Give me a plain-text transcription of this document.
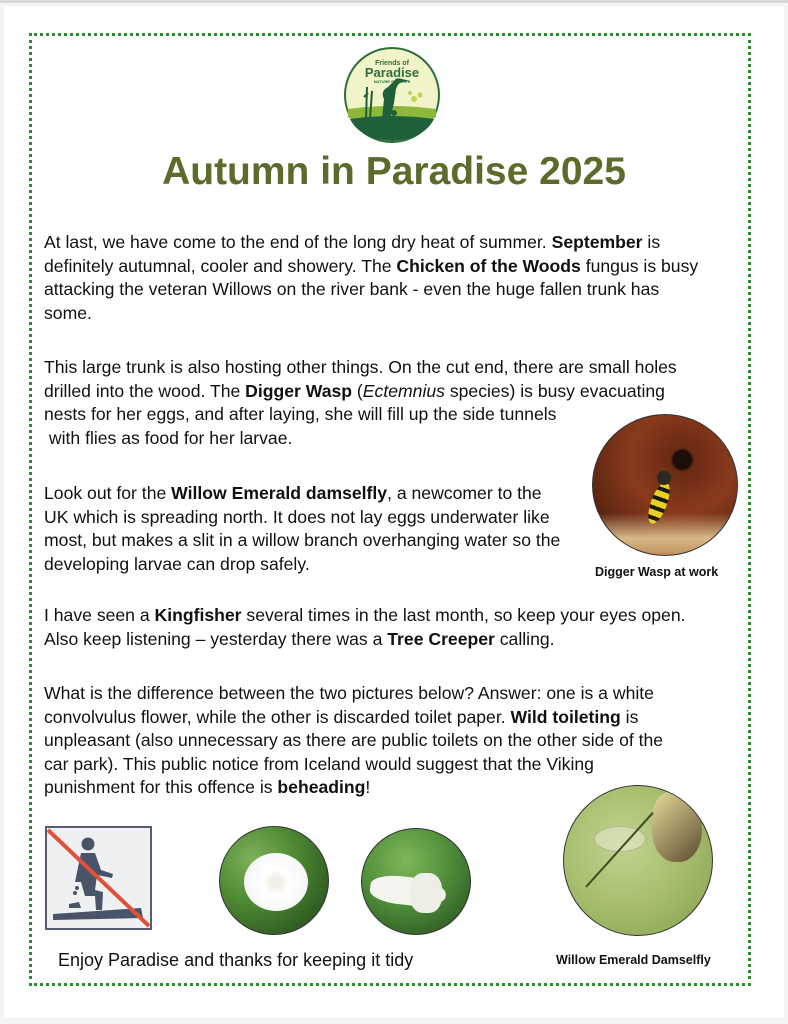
Friends of
Paradise
NATURE RESERVE
Autumn in Paradise 2025
At last, we have come to the end of the long dry heat of summer. September is
definitely autumnal, cooler and showery. The Chicken of the Woods fungus is busy
attacking the veteran Willows on the river bank - even the huge fallen trunk has
some.
This large trunk is also hosting other things. On the cut end, there are small holes
drilled into the wood. The Digger Wasp (Ectemnius species) is busy evacuating
nests for her eggs, and after laying, she will fill up the side tunnels
with flies as food for her larvae.
Digger Wasp at work
Look out for the Willow Emerald damselfly, a newcomer to the
UK which is spreading north. It does not lay eggs underwater like
most, but makes a slit in a willow branch overhanging water so the
developing larvae can drop safely.
I have seen a Kingfisher several times in the last month, so keep your eyes open.
Also keep listening – yesterday there was a Tree Creeper calling.
What is the difference between the two pictures below? Answer: one is a white
convolvulus flower, while the other is discarded toilet paper. Wild toileting is
unpleasant (also unnecessary as there are public toilets on the other side of the
car park). This public notice from Iceland would suggest that the Viking
punishment for this offence is beheading!
Willow Emerald Damselfly
Enjoy Paradise and thanks for keeping it tidy
